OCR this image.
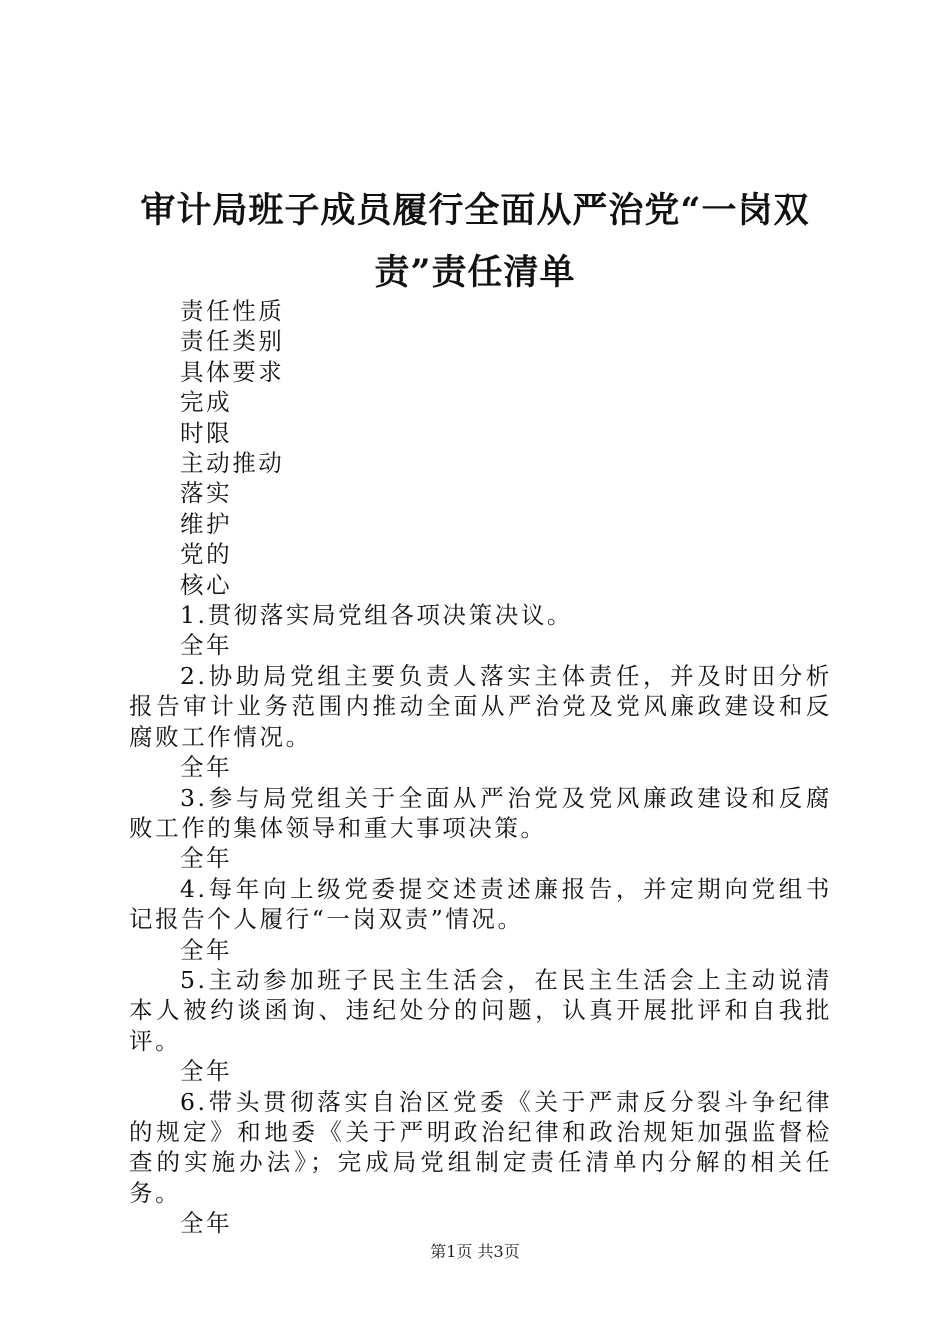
审计局班子成员履行全面从严治党“一岗双责”责任清单

责任性质

责任类别

具体要求

完成

时限

主动推动

落实

维护

党的

核心

1.贯彻落实局党组各项决策决议。

全年

2.协助局党组主要负责人落实主体责任，并及时田分析报告审计业务范围内推动全面从严治党及党风廉政建设和反腐败工作情况。

全年

3.参与局党组关于全面从严治党及党风廉政建设和反腐败工作的集体领导和重大事项决策。

全年

4.每年向上级党委提交述责述廉报告，并定期向党组书记报告个人履行“一岗双责”情况。

全年

5.主动参加班子民主生活会，在民主生活会上主动说清本人被约谈函询、违纪处分的问题，认真开展批评和自我批评。

全年

6.带头贯彻落实自治区党委《关于严肃反分裂斗争纪律的规定》和地委《关于严明政治纪律和政治规矩加强监督检查的实施办法》；完成局党组制定责任清单内分解的相关任务。

全年

第1页 共3页
